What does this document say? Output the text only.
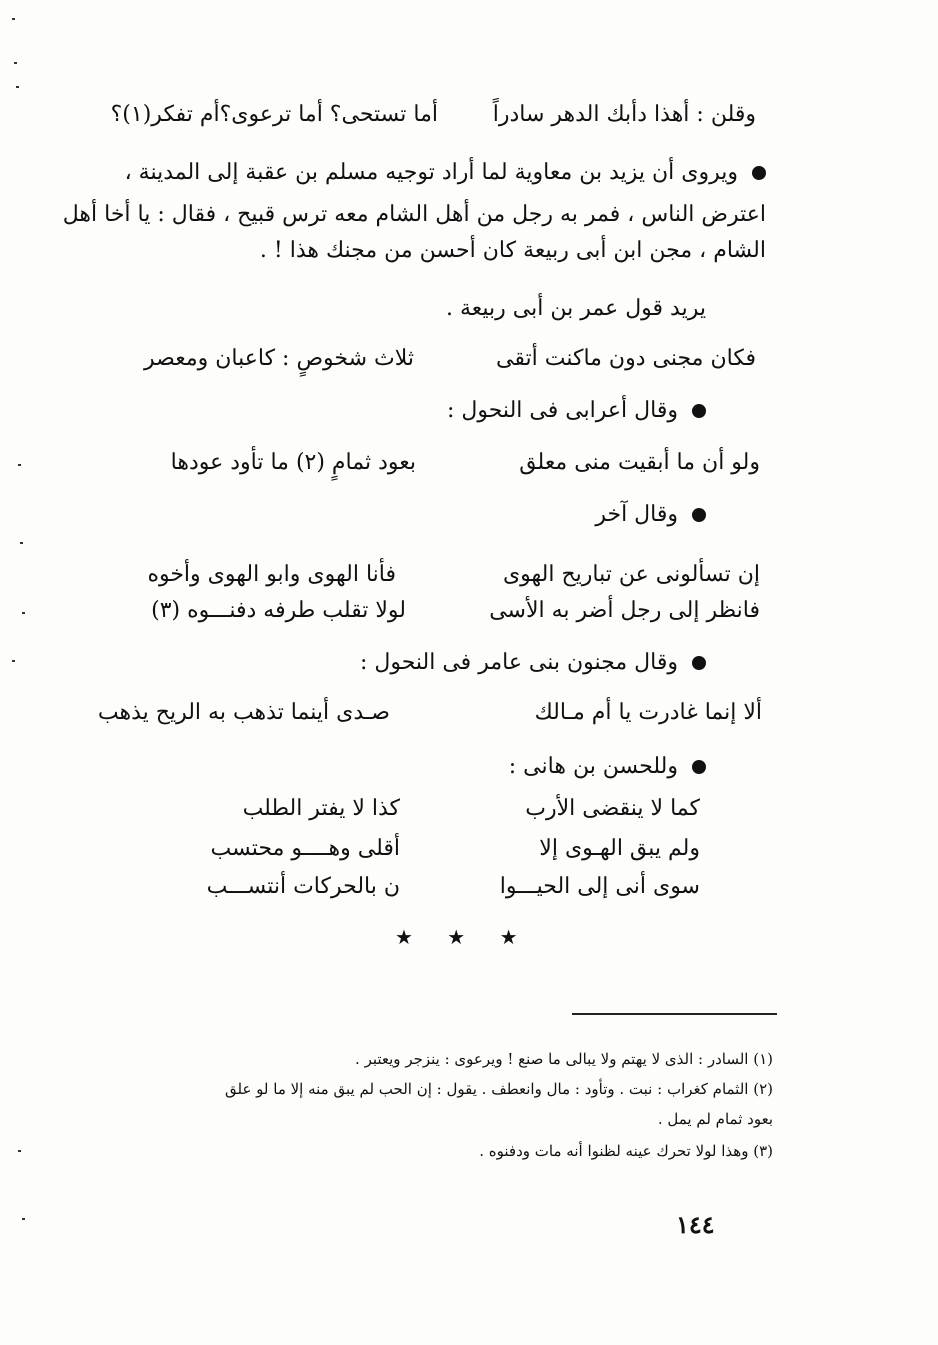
وقلن : أهذا دأبك الدهر سادراً
أما تستحى؟ أما ترعوى؟أم تفكر(١)؟
ويروى أن يزيد بن معاوية لما أراد توجيه مسلم بن عقبة إلى المدينة ،
اعترض الناس ، فمر به رجل من أهل الشام معه ترس قبيح ، فقال : يا أخا أهل
الشام ، مجن ابن أبى ربيعة كان أحسن من مجنك هذا ! .
يريد قول عمر بن أبى ربيعة .
فكان مجنى دون ماكنت أتقى
ثلاث شخوصٍ : كاعبان ومعصر
وقال أعرابى فى النحول :
ولو أن ما أبقيت منى معلق
بعود ثمامٍ (٢) ما تأود عودها
وقال آخر
إن تسألونى عن تباريح الهوى
فأنا الهوى وابو الهوى وأخوه
فانظر إلى رجل أضر به الأسى
لولا تقلب طرفه دفنـــوه (٣)
وقال مجنون بنى عامر فى النحول :
ألا إنما غادرت يا أم مـالك
صـدى أينما تذهب به الريح يذهب
وللحسن بن هانى :
كما لا ينقضى الأرب
كذا لا يفتر الطلب
ولم يبق الهـوى إلا
أقلى وهــــو محتسب
سوى أنى إلى الحيـــوا
ن بالحركات أنتســـب
★ ★ ★
(١) السادر : الذى لا يهتم ولا يبالى ما صنع ! ويرعوى : ينزجر ويعتبر .
(٢) الثمام كغراب : نبت . وتأود : مال وانعطف . يقول : إن الحب لم يبق منه إلا ما لو علق
بعود ثمام لم يمل .
(٣) وهذا لولا تحرك عينه لظنوا أنه مات ودفنوه .
١٤٤
